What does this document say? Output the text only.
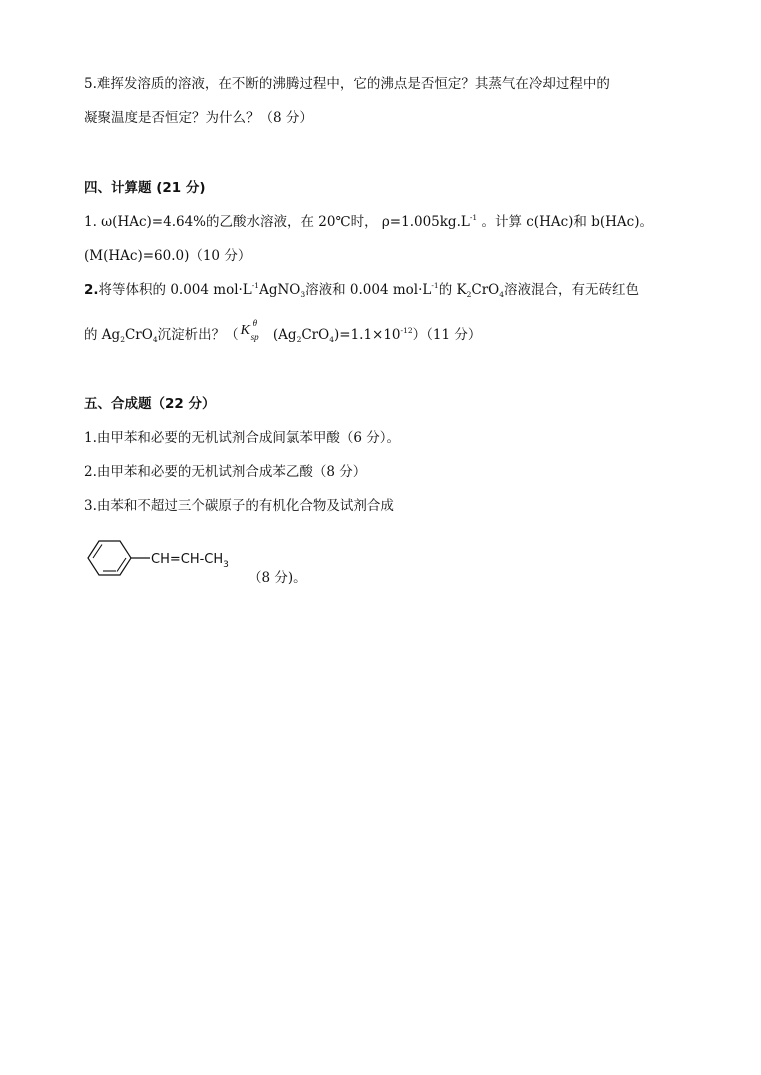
5.难挥发溶质的溶液，在不断的沸腾过程中，它的沸点是否恒定？其蒸气在冷却过程中的
凝聚温度是否恒定？为什么？（8 分）
四、计算题 (21 分)
1. ω(HAc)=4.64%的乙酸水溶液，在 20℃时， $\rho=1.005kg.L^{-1}$ 。计算 c(HAc)和 b(HAc)。
(M(HAc)=60.0)（10 分）
2.将等体积的 0.004 $mol\cdot L^{-1}AgNO_3$溶液和 0.004 $mol\cdot L^{-1}$的 $K_2CrO_4$溶液混合，有无砖红色
的 $Ag_2CrO_4$沉淀析出？（ K θ
sp $(Ag_2CrO_4)=1.1\times 10^{-12})(11$ 分）
五、合成题（22 分）
1.由甲苯和必要的无机试剂合成间氯苯甲酸（6 分）。
2.由甲苯和必要的无机试剂合成苯乙酸（8 分）
3.由苯和不超过三个碳原子的有机化合物及试剂合成
$CH=CH-CH_3$
（8 分)。
